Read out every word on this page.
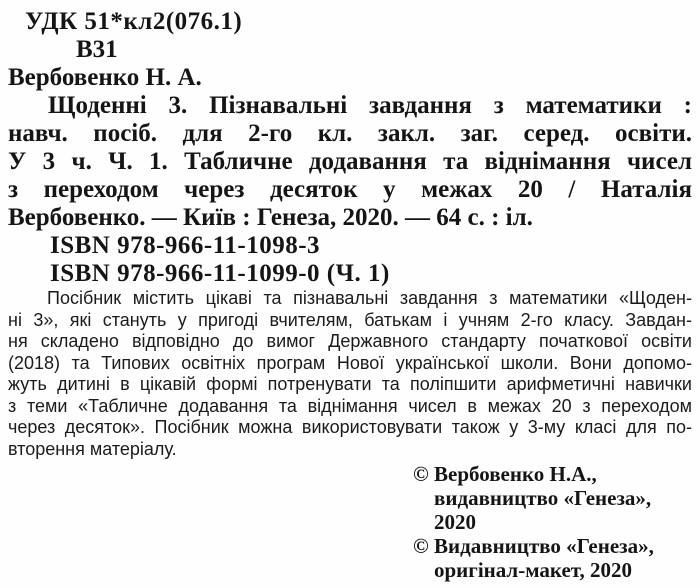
УДК 51*кл2(076.1)
В31
Вербовенко Н. А.
Щоденні 3. Пізнавальні завдання з математики :
навч. посіб. для 2-го кл. закл. заг. серед. освіти.
У 3 ч. Ч. 1. Табличне додавання та віднімання чисел
з переходом через десяток у межах 20 / Наталія
Вербовенко. — Київ : Генеза, 2020. — 64 с. : іл.
ISBN 978-966-11-1098-3
ISBN 978-966-11-1099-0 (Ч. 1)
Посібник містить цікаві та пізнавальні завдання з математики «Щоден-
ні 3», які стануть у пригоді вчителям, батькам і учням 2-го класу. Завдан-
ня складено відповідно до вимог Державного стандарту початкової освіти
(2018) та Типових освітніх програм Нової української школи. Вони допомо-
жуть дитині в цікавій формі потренувати та поліпшити арифметичні навички
з теми «Табличне додавання та віднімання чисел в межах 20 з переходом
через десяток». Посібник можна використовувати також у 3-му класі для по-
вторення матеріалу.
© Вербовенко Н.А.,
видавництво «Генеза»,
2020
© Видавництво «Генеза»,
оригінал-макет, 2020
